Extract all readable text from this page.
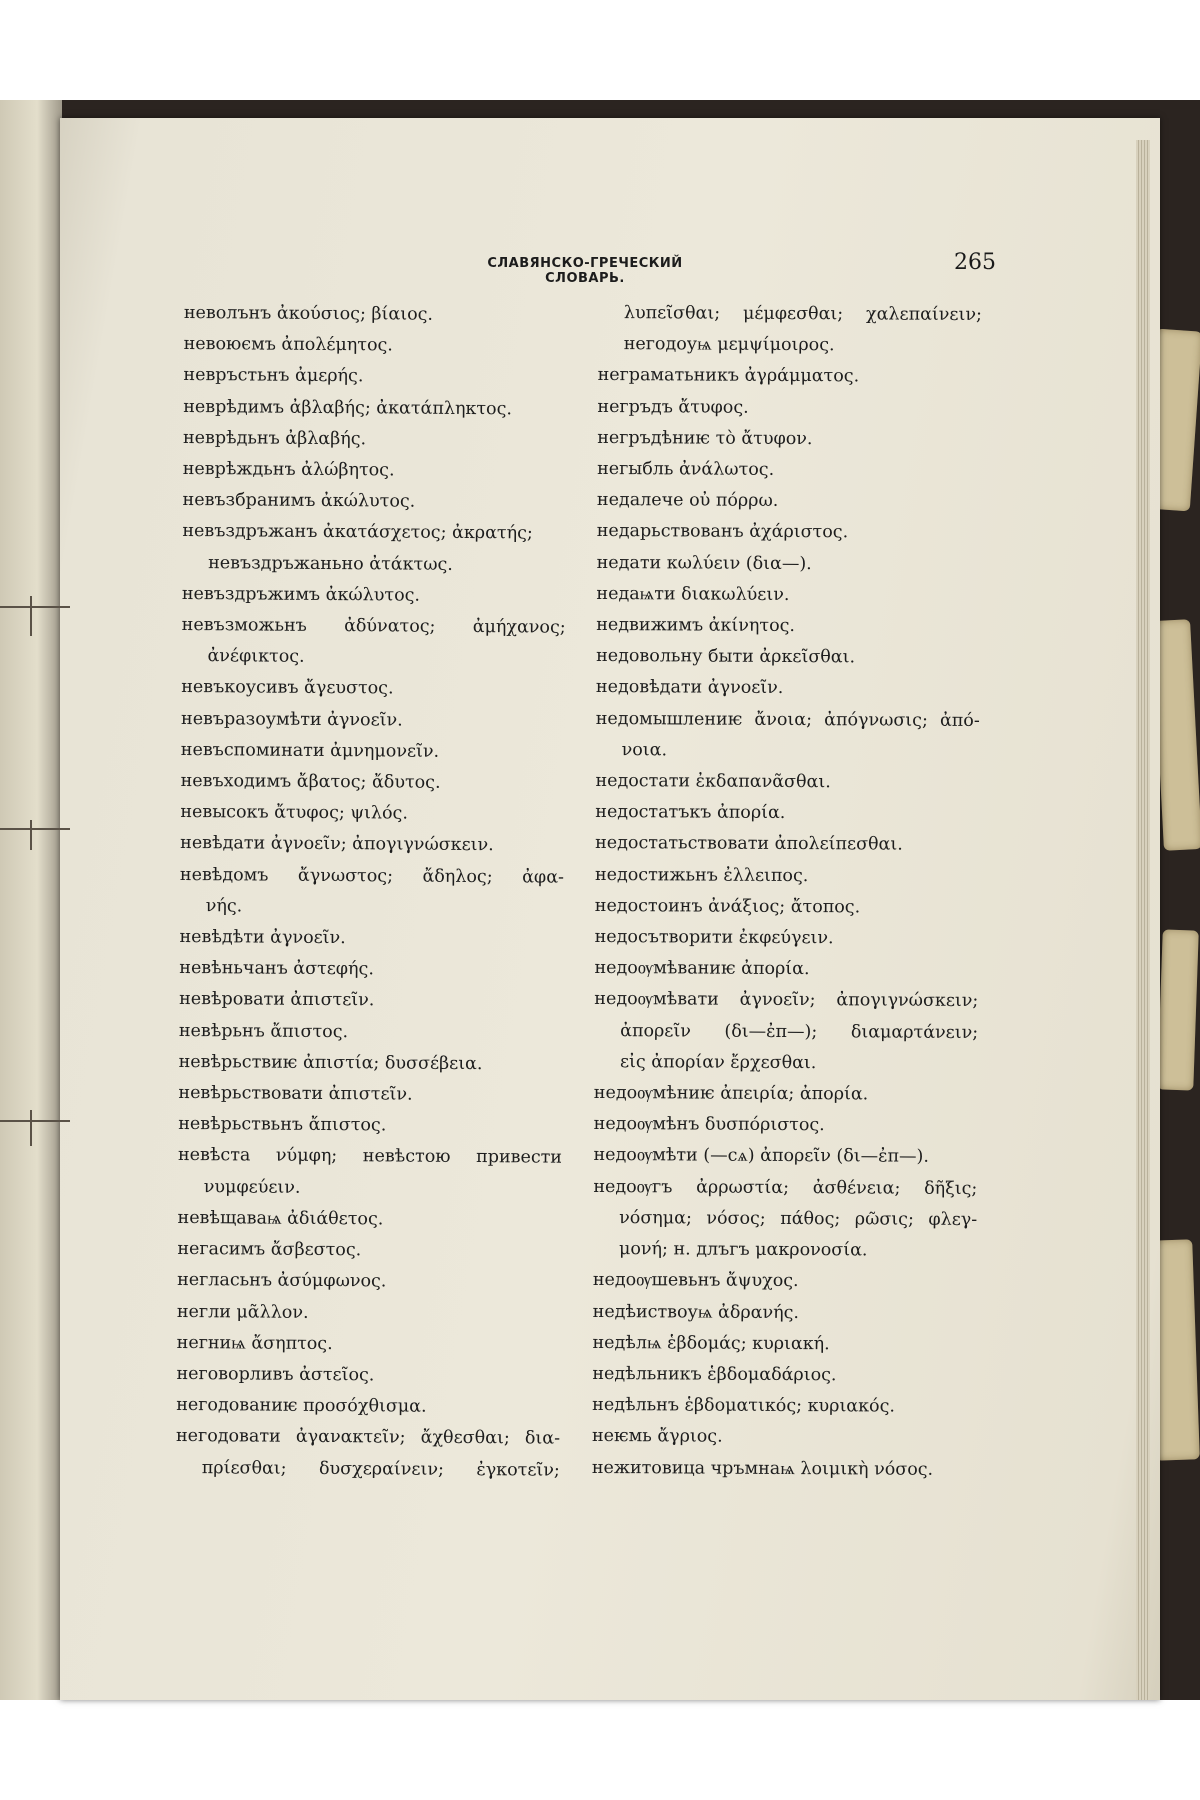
СЛАВЯНСКО-ГРЕЧЕСКИЙ СЛОВАРЬ.
265
неволънъ ἀκούσιος; βίαιος.
невоюємъ ἀπολέμητος.
невръстьнъ ἀμερής.
неврѣдимъ ἀβλαβής; ἀκατάπληκτος.
неврѣдьнъ ἀβλαβής.
неврѣждьнъ ἀλώβητος.
невъзбранимъ ἀκώλυτος.
невъздръжанъ ἀκατάσχετος; ἀκρατής;
невъздръжаньно ἀτάκτως.
невъздръжимъ ἀκώλυτος.
невъзможьнъ ἀδύνατος; ἀμήχανος;
ἀνέφικτος.
невъкоусивъ ἄγευστος.
невъразоумѣти ἀγνοεῖν.
невъспоминати ἀμνημονεῖν.
невъходимъ ἄβατος; ἄδυτος.
невысокъ ἄτυφος; ψιλός.
невѣдати ἀγνοεῖν; ἀπογιγνώσκειν.
невѣдомъ ἄγνωστος; ἄδηλος; ἀφα-
νής.
невѣдѣти ἀγνοεῖν.
невѣньчанъ ἀστεφής.
невѣровати ἀπιστεῖν.
невѣрьнъ ἄπιστος.
невѣрьствиѥ ἀπιστία; δυσσέβεια.
невѣрьствовати ἀπιστεῖν.
невѣрьствьнъ ἄπιστος.
невѣста νύμφη; невѣстою привести
νυμφεύειν.
невѣщаваѩ ἀδιάθετος.
негасимъ ἄσβεστος.
негласьнъ ἀσύμφωνος.
негли μᾶλλον.
негниѩ ἄσηπτος.
неговорливъ ἀστεῖος.
негодованиѥ προσόχθισμα.
негодовати ἀγανακτεῖν; ἄχθεσθαι; δια-
πρίεσθαι; δυσχεραίνειν; ἐγκοτεῖν;
λυπεῖσθαι; μέμφεσθαι; χαλεπαίνειν;
негодоуѩ μεμψίμοιρος.
неграматьникъ ἀγράμματος.
негръдъ ἄτυφος.
негръдѣниѥ τὸ ἄτυφον.
негыбль ἀνάλωτος.
недалече οὐ πόρρω.
недарьствованъ ἀχάριστος.
недати κωλύειν (δια—).
недаѩти διακωλύειν.
недвижимъ ἀκίνητος.
недовольну быти ἀρκεῖσθαι.
недовѣдати ἀγνοεῖν.
недомышлениѥ ἄνοια; ἀπόγνωσις; ἀπό-
νοια.
недостати ἐκδαπανᾶσθαι.
недостатъкъ ἀπορία.
недостатьствовати ἀπολείπεσθαι.
недостижьнъ ἐλλειπος.
недостоинъ ἀνάξιος; ἄτοπος.
недосътворити ἐκφεύγειν.
недоѹмѣваниѥ ἀπορία.
недоѹмѣвати ἀγνοεῖν; ἀπογιγνώσκειν;
ἀπορεῖν (δι—ἐπ—); διαμαρτάνειν;
εἰς ἀπορίαν ἔρχεσθαι.
недоѹмѣниѥ ἀπειρία; ἀπορία.
недоѹмѣнъ δυσπόριστος.
недоѹмѣти (—сѧ) ἀπορεῖν (δι—ἐπ—).
недоѹгъ ἀρρωστία; ἀσθένεια; δῆξις;
νόσημα; νόσος; πάθος; ρῶσις; φλεγ-
μονή; н. длъгъ μακρονοσία.
недоѹшевьнъ ἄψυχος.
недѣиствоуѩ ἀδρανής.
недѣлѩ ἑβδομάς; κυριακή.
недѣльникъ ἑβδομαδάριος.
недѣльнъ ἑβδοματικός; κυριακός.
неѥмь ἄγριος.
нежитовица чръмнаѩ λοιμικὴ νόσος.
